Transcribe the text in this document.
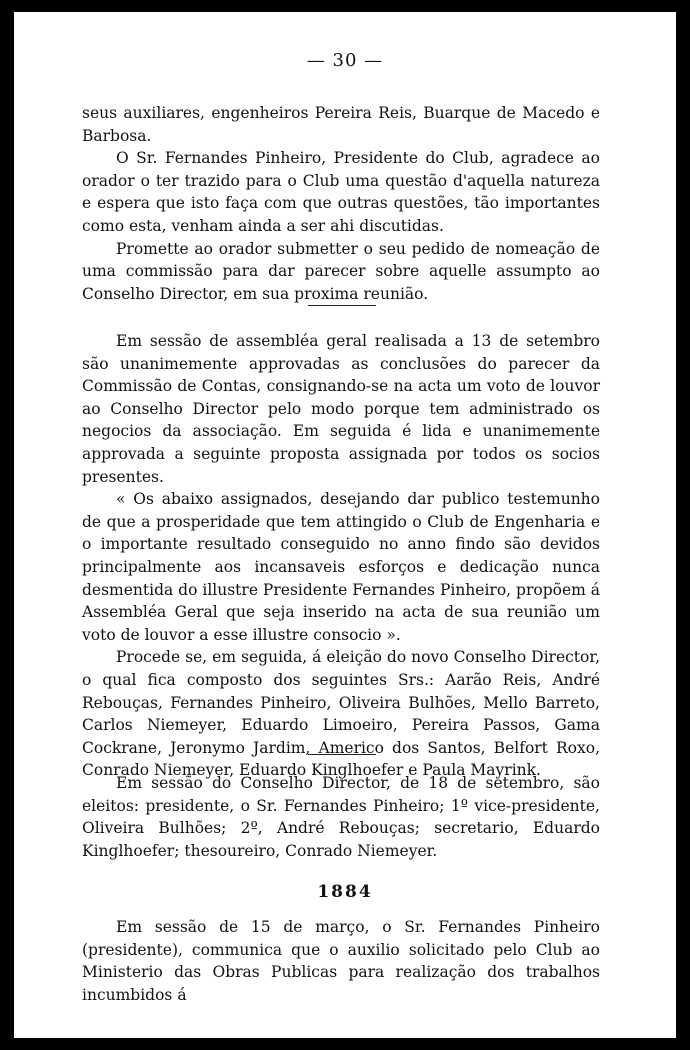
— 30 —

seus auxiliares, engenheiros Pereira Reis, Buarque de Macedo e Barbosa.

O Sr. Fernandes Pinheiro, Presidente do Club, agradece ao orador o ter trazido para o Club uma questão d'aquella natureza e espera que isto faça com que outras questões, tão importantes como esta, venham ainda a ser ahi discutidas.

Promette ao orador submetter o seu pedido de nomeação de uma commissão para dar parecer sobre aquelle assumpto ao Conselho Director, em sua proxima reunião.

Em sessão de assembléa geral realisada a 13 de setembro são unanimemente approvadas as conclusões do parecer da Commissão de Contas, consignando-se na acta um voto de louvor ao Conselho Director pelo modo porque tem administrado os negocios da associação. Em seguida é lida e unanimemente approvada a seguinte proposta assignada por todos os socios presentes.

« Os abaixo assignados, desejando dar publico testemunho de que a prosperidade que tem attingido o Club de Engenharia e o importante resultado conseguido no anno findo são devidos principalmente aos incansaveis esforços e dedicação nunca desmentida do illustre Presidente Fernandes Pinheiro, propõem á Assembléa Geral que seja inserido na acta de sua reunião um voto de louvor a esse illustre consocio ».

Procede se, em seguida, á eleição do novo Conselho Director, o qual fica composto dos seguintes Srs.: Aarão Reis, André Rebouças, Fernandes Pinheiro, Oliveira Bulhões, Mello Barreto, Carlos Niemeyer, Eduardo Limoeiro, Pereira Passos, Gama Cockrane, Jeronymo Jardim, Americo dos Santos, Belfort Roxo, Conrado Niemeyer, Eduardo Kinglhoefer e Paula Mayrink.

Em sessão do Conselho Director, de 18 de setembro, são eleitos: presidente, o Sr. Fernandes Pinheiro; 1º vice-presidente, Oliveira Bulhões; 2º, André Rebouças; secretario, Eduardo Kinglhoefer; thesoureiro, Conrado Niemeyer.

1884

Em sessão de 15 de março, o Sr. Fernandes Pinheiro (presidente), communica que o auxilio solicitado pelo Club ao Ministerio das Obras Publicas para realização dos trabalhos incumbidos á
